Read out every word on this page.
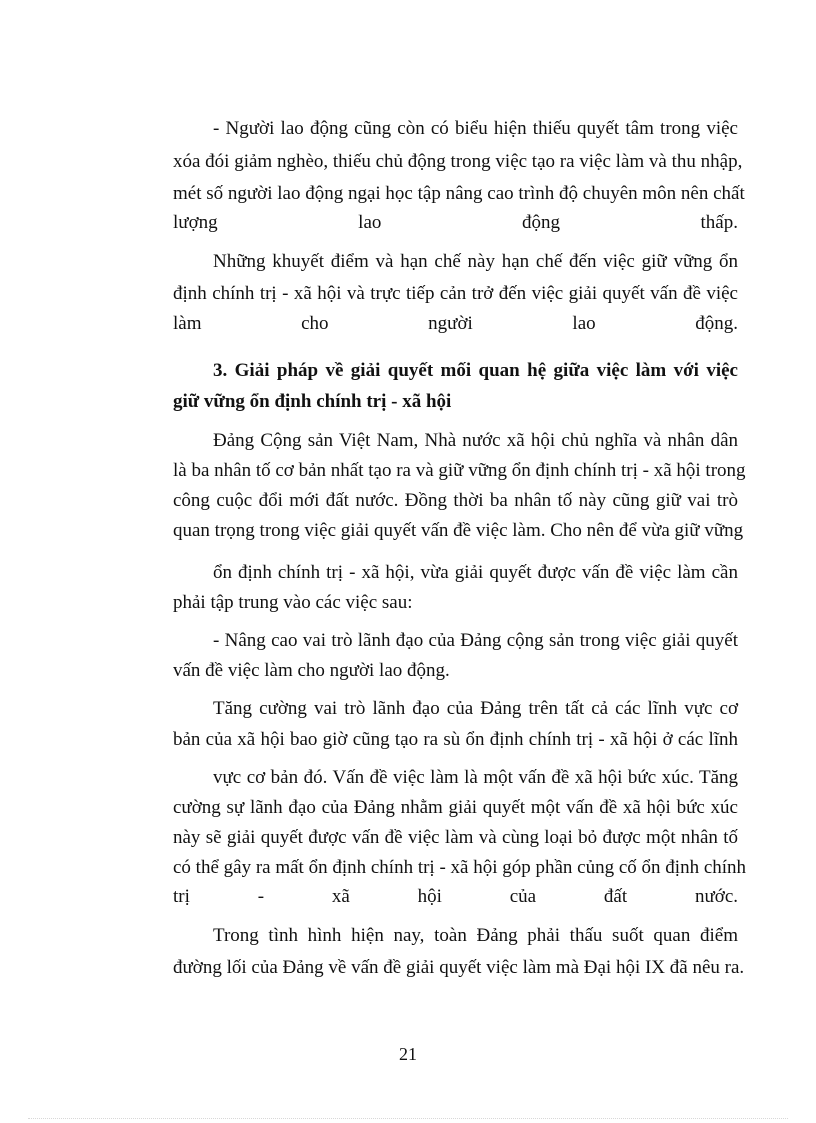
- Người lao động cũng còn có biểu hiện thiếu quyết tâm trong việc
xóa đói giảm nghèo, thiếu chủ động trong việc tạo ra việc làm và thu nhập,
mét số người lao động ngại học tập nâng cao trình độ chuyên môn nên chất
lượng lao động thấp.
Những khuyết điểm và hạn chế này hạn chế đến việc giữ vững ổn
định chính trị - xã hội và trực tiếp cản trở đến việc giải quyết vấn đề việc
làm cho người lao động.
3. Giải pháp về giải quyết mối quan hệ giữa việc làm với việc
giữ vững ổn định chính trị - xã hội
Đảng Cộng sản Việt Nam, Nhà nước xã hội chủ nghĩa và nhân dân
là ba nhân tố cơ bản nhất tạo ra và giữ vững ổn định chính trị - xã hội trong
công cuộc đổi mới đất nước. Đồng thời ba nhân tố này cũng giữ vai trò
quan trọng trong việc giải quyết vấn đề việc làm. Cho nên để vừa giữ vững
ổn định chính trị - xã hội, vừa giải quyết được vấn đề việc làm cần
phải tập trung vào các việc sau:
- Nâng cao vai trò lãnh đạo của Đảng cộng sản trong việc giải quyết
vấn đề việc làm cho người lao động.
Tăng cường vai trò lãnh đạo của Đảng trên tất cả các lĩnh vực cơ
bản của xã hội bao giờ cũng tạo ra sù ổn định chính trị - xã hội ở các lĩnh
vực cơ bản đó. Vấn đề việc làm là một vấn đề xã hội bức xúc. Tăng
cường sự lãnh đạo của Đảng nhằm giải quyết một vấn đề xã hội bức xúc
này sẽ giải quyết được vấn đề việc làm và cùng loại bỏ được một nhân tố
có thể gây ra mất ổn định chính trị - xã hội góp phần củng cố ổn định chính
trị - xã hội của đất nước.
Trong tình hình hiện nay, toàn Đảng phải thấu suốt quan điểm
đường lối của Đảng về vấn đề giải quyết việc làm mà Đại hội IX đã nêu ra.
21
